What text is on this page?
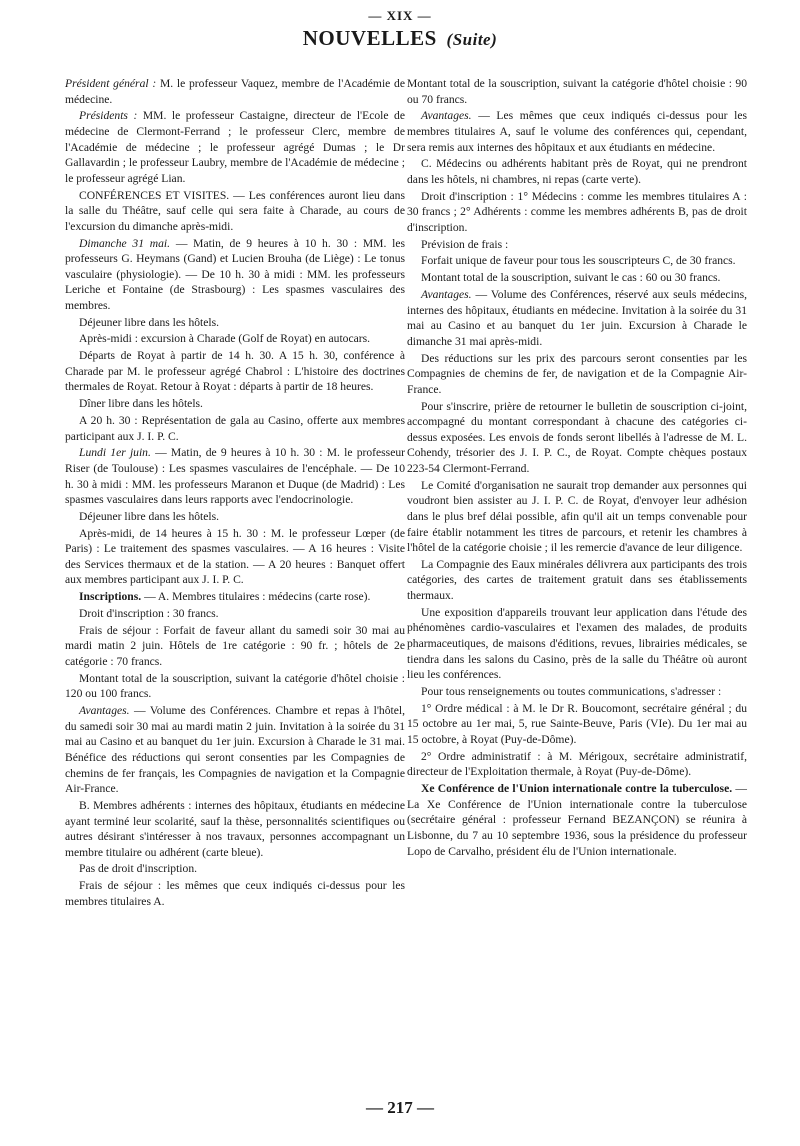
— XIX —
NOUVELLES (Suite)

Président général : M. le professeur Vaquez, membre de l'Académie de médecine.

Présidents : MM. le professeur Castaigne, directeur de l'Ecole de médecine de Clermont-Ferrand ; le professeur Clerc, membre de l'Académie de médecine ; le professeur agrégé Dumas ; le Dr Gallavardin ; le professeur Laubry, membre de l'Académie de médecine ; le professeur agrégé Lian.

CONFÉRENCES ET VISITES. — Les conférences auront lieu dans la salle du Théâtre, sauf celle qui sera faite à Charade, au cours de l'excursion du dimanche après-midi.

Dimanche 31 mai. — Matin, de 9 heures à 10 h. 30 : MM. les professeurs G. Heymans (Gand) et Lucien Brouha (de Liège) : Le tonus vasculaire (physiologie). — De 10 h. 30 à midi : MM. les professeurs Leriche et Fontaine (de Strasbourg) : Les spasmes vasculaires des membres.

Déjeuner libre dans les hôtels.

Après-midi : excursion à Charade (Golf de Royat) en autocars.

Départs de Royat à partir de 14 h. 30. A 15 h. 30, conférence à Charade par M. le professeur agrégé Chabrol : L'histoire des doctrines thermales de Royat. Retour à Royat : départs à partir de 18 heures.

Dîner libre dans les hôtels.

A 20 h. 30 : Représentation de gala au Casino, offerte aux membres participant aux J. I. P. C.

Lundi 1er juin. — Matin, de 9 heures à 10 h. 30 : M. le professeur Riser (de Toulouse) : Les spasmes vasculaires de l'encéphale. — De 10 h. 30 à midi : MM. les professeurs Maranon et Duque (de Madrid) : Les spasmes vasculaires dans leurs rapports avec l'endocrinologie.

Déjeuner libre dans les hôtels.

Après-midi, de 14 heures à 15 h. 30 : M. le professeur Lœper (de Paris) : Le traitement des spasmes vasculaires. — A 16 heures : Visite des Services thermaux et de la station. — A 20 heures : Banquet offert aux membres participant aux J. I. P. C.

Inscriptions. — A. Membres titulaires : médecins (carte rose).

Droit d'inscription : 30 francs.

Frais de séjour : Forfait de faveur allant du samedi soir 30 mai au mardi matin 2 juin. Hôtels de 1re catégorie : 90 fr. ; hôtels de 2e catégorie : 70 francs.

Montant total de la souscription, suivant la catégorie d'hôtel choisie : 120 ou 100 francs.

Avantages. — Volume des Conférences. Chambre et repas à l'hôtel, du samedi soir 30 mai au mardi matin 2 juin. Invitation à la soirée du 31 mai au Casino et au banquet du 1er juin. Excursion à Charade le 31 mai. Bénéfice des réductions qui seront consenties par les Compagnies de chemins de fer français, les Compagnies de navigation et la Compagnie Air-France.

B. Membres adhérents : internes des hôpitaux, étudiants en médecine ayant terminé leur scolarité, sauf la thèse, personnalités scientifiques ou autres désirant s'intéresser à nos travaux, personnes accompagnant un membre titulaire ou adhérent (carte bleue).

Pas de droit d'inscription.

Frais de séjour : les mêmes que ceux indiqués ci-dessus pour les membres titulaires A.

Montant total de la souscription, suivant la catégorie d'hôtel choisie : 90 ou 70 francs.

Avantages. — Les mêmes que ceux indiqués ci-dessus pour les membres titulaires A, sauf le volume des conférences qui, cependant, sera remis aux internes des hôpitaux et aux étudiants en médecine.

C. Médecins ou adhérents habitant près de Royat, qui ne prendront dans les hôtels, ni chambres, ni repas (carte verte).

Droit d'inscription : 1° Médecins : comme les membres titulaires A : 30 francs ; 2° Adhérents : comme les membres adhérents B, pas de droit d'inscription.

Prévision de frais :

Forfait unique de faveur pour tous les souscripteurs C, de 30 francs.

Montant total de la souscription, suivant le cas : 60 ou 30 francs.

Avantages. — Volume des Conférences, réservé aux seuls médecins, internes des hôpitaux, étudiants en médecine. Invitation à la soirée du 31 mai au Casino et au banquet du 1er juin. Excursion à Charade le dimanche 31 mai après-midi.

Des réductions sur les prix des parcours seront consenties par les Compagnies de chemins de fer, de navigation et de la Compagnie Air-France.

Pour s'inscrire, prière de retourner le bulletin de souscription ci-joint, accompagné du montant correspondant à chacune des catégories ci-dessus exposées. Les envois de fonds seront libellés à l'adresse de M. L. Cohendy, trésorier des J. I. P. C., de Royat. Compte chèques postaux 223-54 Clermont-Ferrand.

Le Comité d'organisation ne saurait trop demander aux personnes qui voudront bien assister au J. I. P. C. de Royat, d'envoyer leur adhésion dans le plus bref délai possible, afin qu'il ait un temps convenable pour faire établir notamment les titres de parcours, et retenir les chambres à l'hôtel de la catégorie choisie ; il les remercie d'avance de leur diligence.

La Compagnie des Eaux minérales délivrera aux participants des trois catégories, des cartes de traitement gratuit dans ses établissements thermaux.

Une exposition d'appareils trouvant leur application dans l'étude des phénomènes cardio-vasculaires et l'examen des malades, de produits pharmaceutiques, de maisons d'éditions, revues, librairies médicales, se tiendra dans les salons du Casino, près de la salle du Théâtre où auront lieu les conférences.

Pour tous renseignements ou toutes communications, s'adresser :

1° Ordre médical : à M. le Dr R. Boucomont, secrétaire général ; du 15 octobre au 1er mai, 5, rue Sainte-Beuve, Paris (VIe). Du 1er mai au 15 octobre, à Royat (Puy-de-Dôme).

2° Ordre administratif : à M. Mérigoux, secrétaire administratif, directeur de l'Exploitation thermale, à Royat (Puy-de-Dôme).

Xe Conférence de l'Union internationale contre la tuberculose. — La Xe Conférence de l'Union internationale contre la tuberculose (secrétaire général : professeur Fernand BEZANÇON) se réunira à Lisbonne, du 7 au 10 septembre 1936, sous la présidence du professeur Lopo de Carvalho, président élu de l'Union internationale.

— 217 —
